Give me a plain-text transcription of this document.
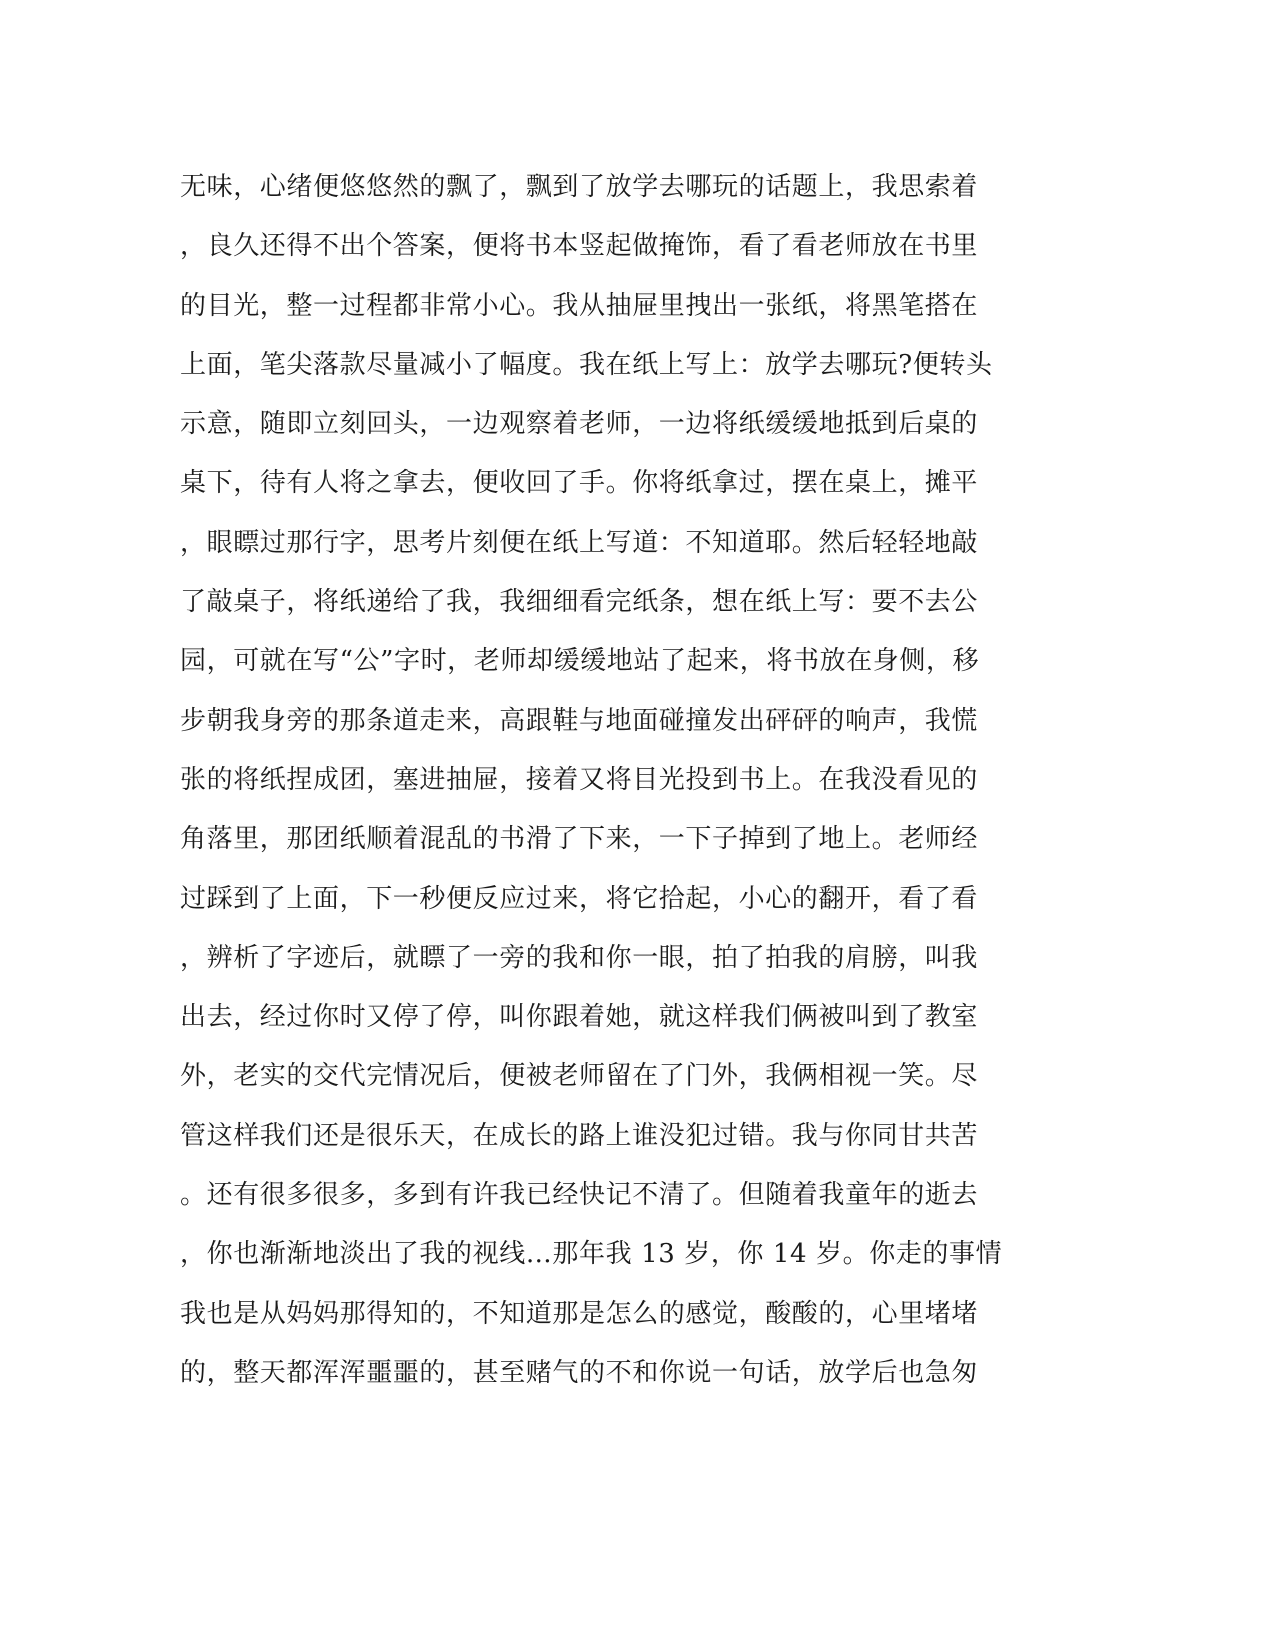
无味，心绪便悠悠然的飘了，飘到了放学去哪玩的话题上，我思索着
，良久还得不出个答案，便将书本竖起做掩饰，看了看老师放在书里
的目光，整一过程都非常小心。我从抽屉里拽出一张纸，将黑笔搭在
上面，笔尖落款尽量减小了幅度。我在纸上写上：放学去哪玩?便转头
示意，随即立刻回头，一边观察着老师，一边将纸缓缓地抵到后桌的
桌下，待有人将之拿去，便收回了手。你将纸拿过，摆在桌上，摊平
，眼瞟过那行字，思考片刻便在纸上写道：不知道耶。然后轻轻地敲
了敲桌子，将纸递给了我，我细细看完纸条，想在纸上写：要不去公
园，可就在写“公”字时，老师却缓缓地站了起来，将书放在身侧，移
步朝我身旁的那条道走来，高跟鞋与地面碰撞发出砰砰的响声，我慌
张的将纸捏成团，塞进抽屉，接着又将目光投到书上。在我没看见的
角落里，那团纸顺着混乱的书滑了下来，一下子掉到了地上。老师经
过踩到了上面，下一秒便反应过来，将它拾起，小心的翻开，看了看
，辨析了字迹后，就瞟了一旁的我和你一眼，拍了拍我的肩膀，叫我
出去，经过你时又停了停，叫你跟着她，就这样我们俩被叫到了教室
外，老实的交代完情况后，便被老师留在了门外，我俩相视一笑。尽
管这样我们还是很乐天，在成长的路上谁没犯过错。我与你同甘共苦
。还有很多很多，多到有许我已经快记不清了。但随着我童年的逝去
，你也渐渐地淡出了我的视线…那年我 13 岁，你 14 岁。你走的事情
我也是从妈妈那得知的，不知道那是怎么的感觉，酸酸的，心里堵堵
的，整天都浑浑噩噩的，甚至赌气的不和你说一句话，放学后也急匆
